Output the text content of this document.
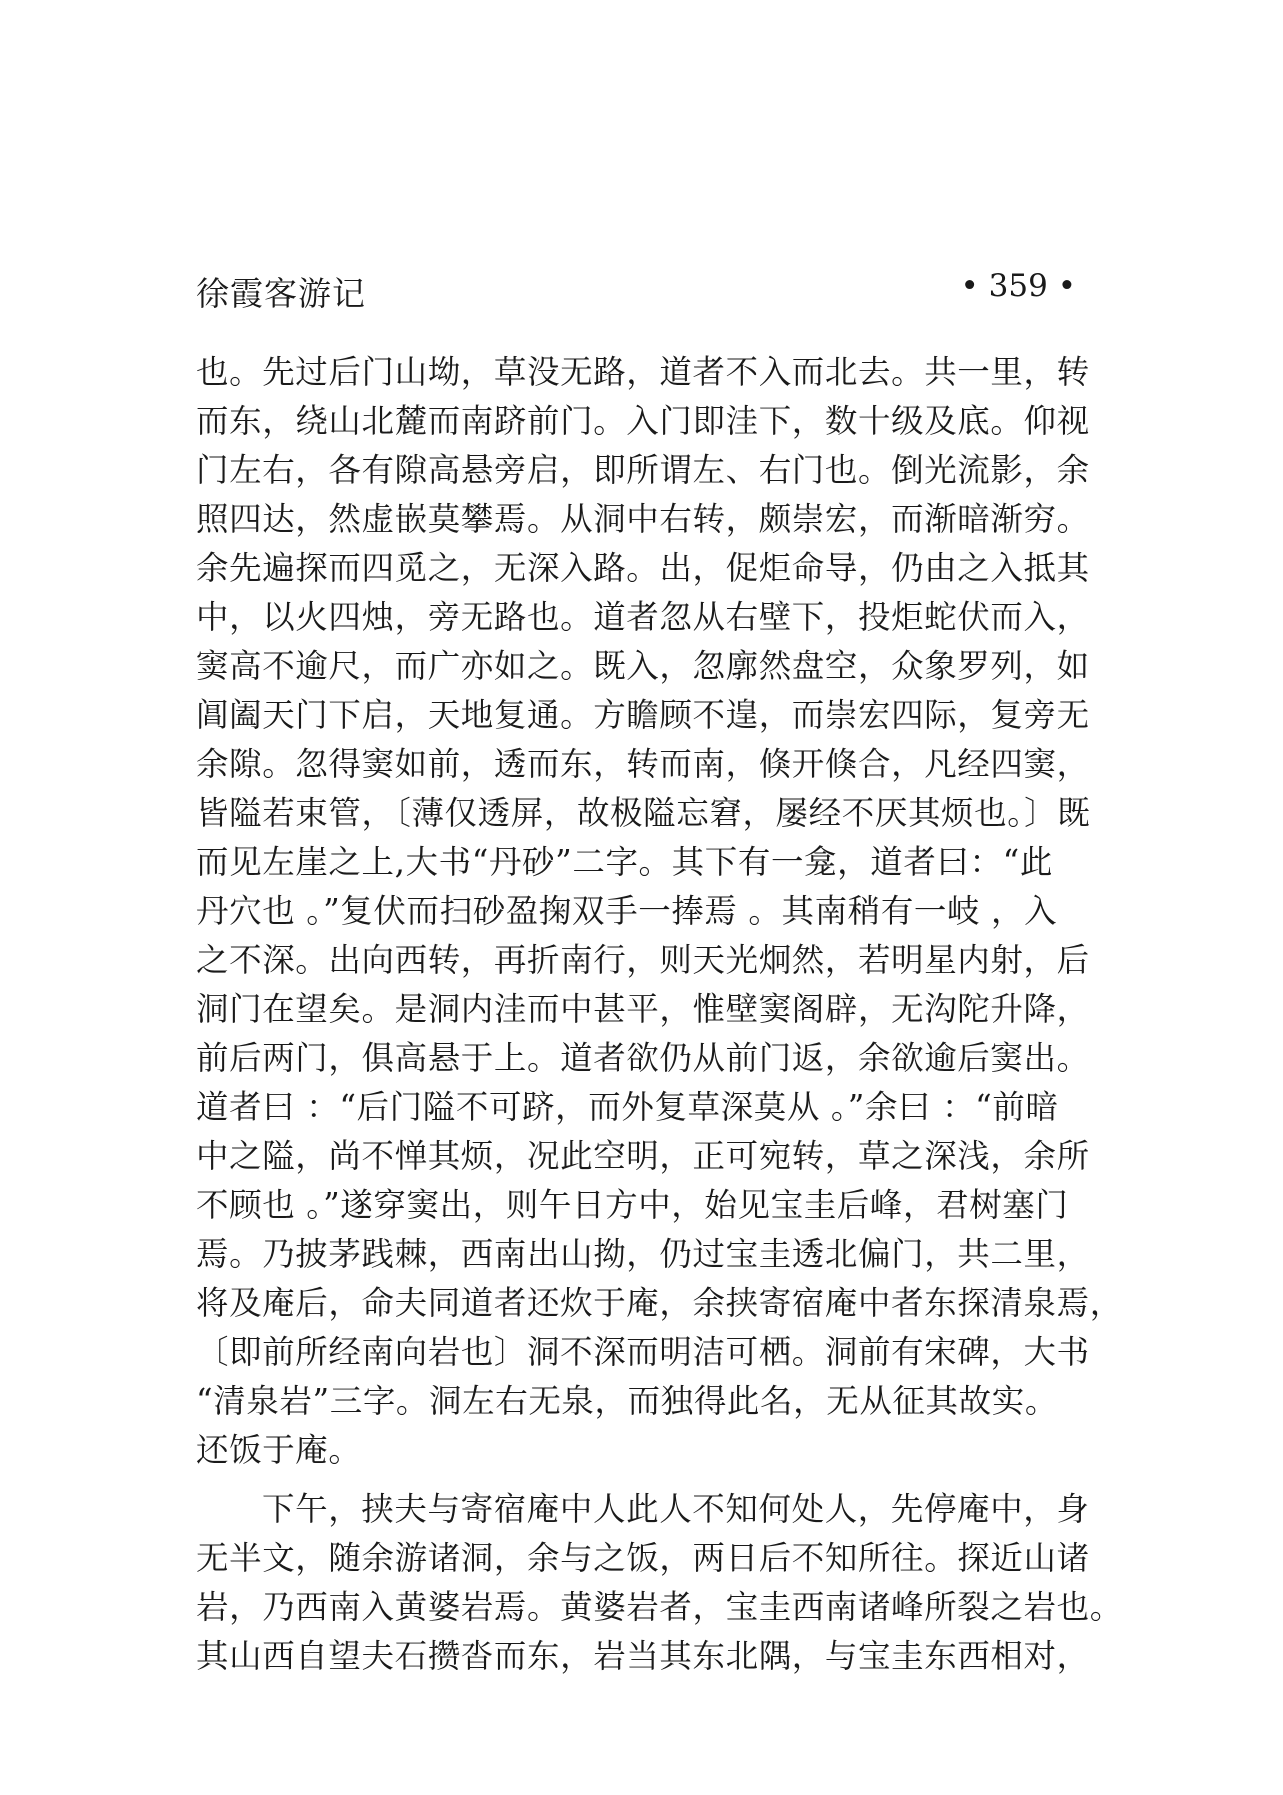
徐霞客游记	• 359 •
也。先过后门山坳，草没无路，道者不入而北去。共一里，转
而东，绕山北麓而南跻前门。入门即洼下，数十级及底。仰视
门左右，各有隙高悬旁启，即所谓左、右门也。倒光流影，余
照四达，然虚嵌莫攀焉。从洞中右转，颇崇宏，而渐暗渐穷。
余先遍探而四觅之，无深入路。出，促炬命导，仍由之入抵其
中，以火四烛，旁无路也。道者忽从右壁下，投炬蛇伏而入，
窦高不逾尺，而广亦如之。既入，忽廓然盘空，众象罗列，如
阊阖天门下启，天地复通。方瞻顾不遑，而崇宏四际，复旁无
余隙。忽得窦如前，透而东，转而南，倏开倏合，凡经四窦，
皆隘若束管，〔薄仅透屏，故极隘忘窘，屡经不厌其烦也。〕既
而见左崖之上,大书“丹砂”二字。其下有一龛，道者曰：“此
丹穴也 。”复伏而扫砂盈掬双手一捧焉 。其南稍有一岐 ，入
之不深。出向西转，再折南行，则天光炯然，若明星内射，后
洞门在望矣。是洞内洼而中甚平，惟壁窦阁辟，无沟陀升降，
前后两门，俱高悬于上。道者欲仍从前门返，余欲逾后窦出。
道者曰 ：“后门隘不可跻，而外复草深莫从 。”余曰 ：“前暗
中之隘，尚不惮其烦，况此空明，正可宛转，草之深浅，余所
不顾也 。”遂穿窦出，则午日方中，始见宝圭后峰，君树塞门
焉。乃披茅践棘，西南出山拗，仍过宝圭透北偏门，共二里，
将及庵后，命夫同道者还炊于庵，余挟寄宿庵中者东探清泉焉，
〔即前所经南向岩也〕洞不深而明洁可栖。洞前有宋碑，大书
“清泉岩”三字。洞左右无泉，而独得此名，无从征其故实。
还饭于庵。
下午，挟夫与寄宿庵中人此人不知何处人，先停庵中，身
无半文，随余游诸洞，余与之饭，两日后不知所往。探近山诸
岩，乃西南入黄婆岩焉。黄婆岩者，宝圭西南诸峰所裂之岩也。
其山西自望夫石攒沓而东，岩当其东北隅，与宝圭东西相对，
